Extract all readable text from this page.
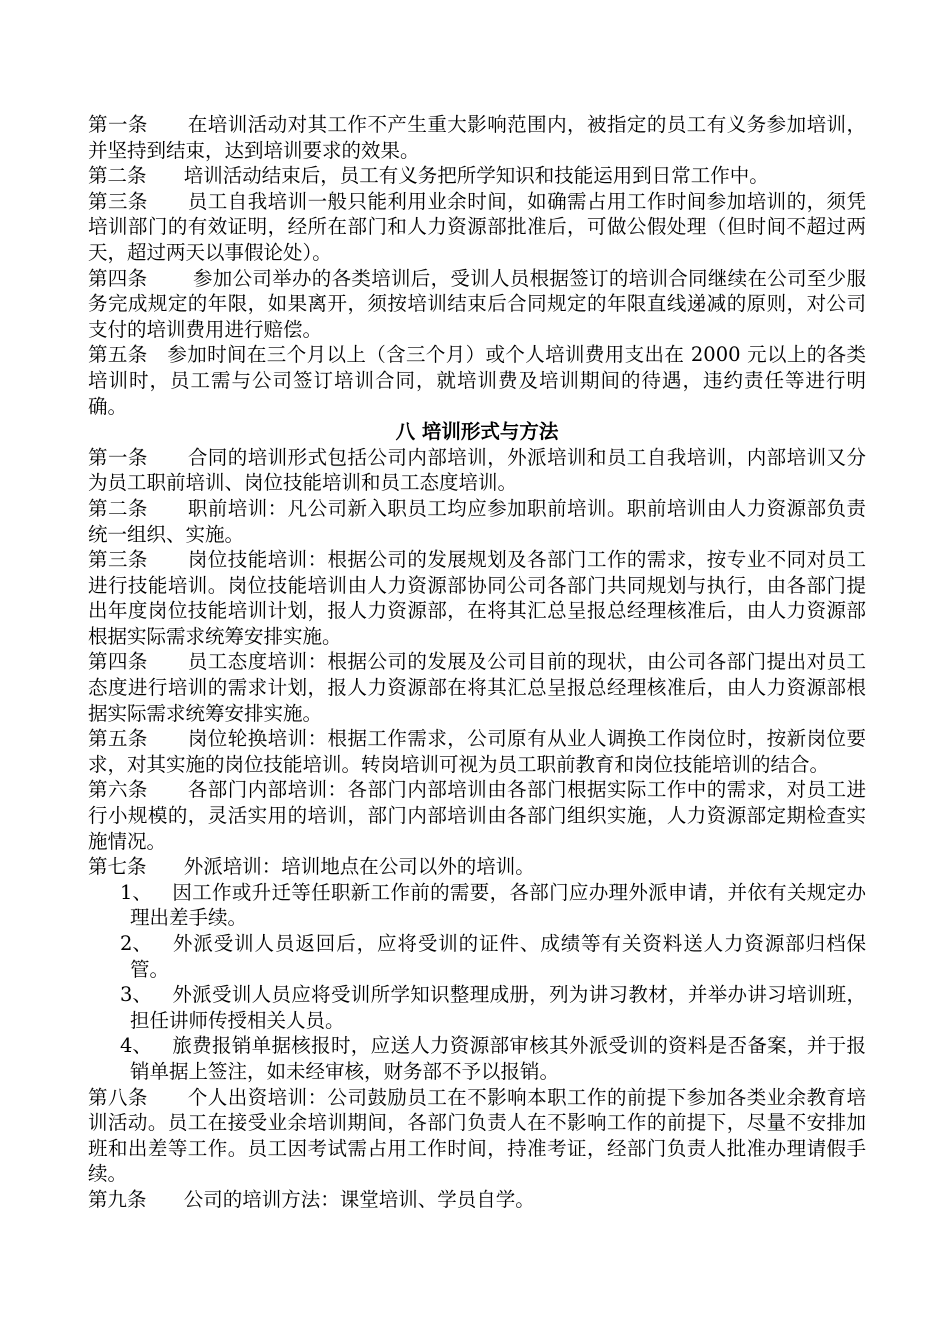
第一条 在培训活动对其工作不产生重大影响范围内，被指定的员工有义务参加培训，并坚持到结束，达到培训要求的效果。

第二条 培训活动结束后，员工有义务把所学知识和技能运用到日常工作中。

第三条 员工自我培训一般只能利用业余时间，如确需占用工作时间参加培训的，须凭培训部门的有效证明，经所在部门和人力资源部批准后，可做公假处理（但时间不超过两天，超过两天以事假论处）。

第四条 参加公司举办的各类培训后，受训人员根据签订的培训合同继续在公司至少服务完成规定的年限，如果离开，须按培训结束后合同规定的年限直线递减的原则，对公司支付的培训费用进行赔偿。

第五条 参加时间在三个月以上（含三个月）或个人培训费用支出在 2000 元以上的各类培训时，员工需与公司签订培训合同，就培训费及培训期间的待遇，违约责任等进行明确。

八 培训形式与方法

第一条 合同的培训形式包括公司内部培训，外派培训和员工自我培训，内部培训又分为员工职前培训、岗位技能培训和员工态度培训。

第二条 职前培训：凡公司新入职员工均应参加职前培训。职前培训由人力资源部负责统一组织、实施。

第三条 岗位技能培训：根据公司的发展规划及各部门工作的需求，按专业不同对员工进行技能培训。岗位技能培训由人力资源部协同公司各部门共同规划与执行，由各部门提出年度岗位技能培训计划，报人力资源部，在将其汇总呈报总经理核准后，由人力资源部根据实际需求统筹安排实施。

第四条 员工态度培训：根据公司的发展及公司目前的现状，由公司各部门提出对员工态度进行培训的需求计划，报人力资源部在将其汇总呈报总经理核准后，由人力资源部根据实际需求统筹安排实施。

第五条 岗位轮换培训：根据工作需求，公司原有从业人调换工作岗位时，按新岗位要求，对其实施的岗位技能培训。转岗培训可视为员工职前教育和岗位技能培训的结合。

第六条 各部门内部培训：各部门内部培训由各部门根据实际工作中的需求，对员工进行小规模的，灵活实用的培训，部门内部培训由各部门组织实施，人力资源部定期检查实施情况。

第七条 外派培训：培训地点在公司以外的培训。

1、 因工作或升迁等任职新工作前的需要，各部门应办理外派申请，并依有关规定办理出差手续。

2、 外派受训人员返回后，应将受训的证件、成绩等有关资料送人力资源部归档保管。

3、 外派受训人员应将受训所学知识整理成册，列为讲习教材，并举办讲习培训班，担任讲师传授相关人员。

4、 旅费报销单据核报时，应送人力资源部审核其外派受训的资料是否备案，并于报销单据上签注，如未经审核，财务部不予以报销。

第八条 个人出资培训：公司鼓励员工在不影响本职工作的前提下参加各类业余教育培训活动。员工在接受业余培训期间，各部门负责人在不影响工作的前提下，尽量不安排加班和出差等工作。员工因考试需占用工作时间，持准考证，经部门负责人批准办理请假手续。

第九条 公司的培训方法：课堂培训、学员自学。
